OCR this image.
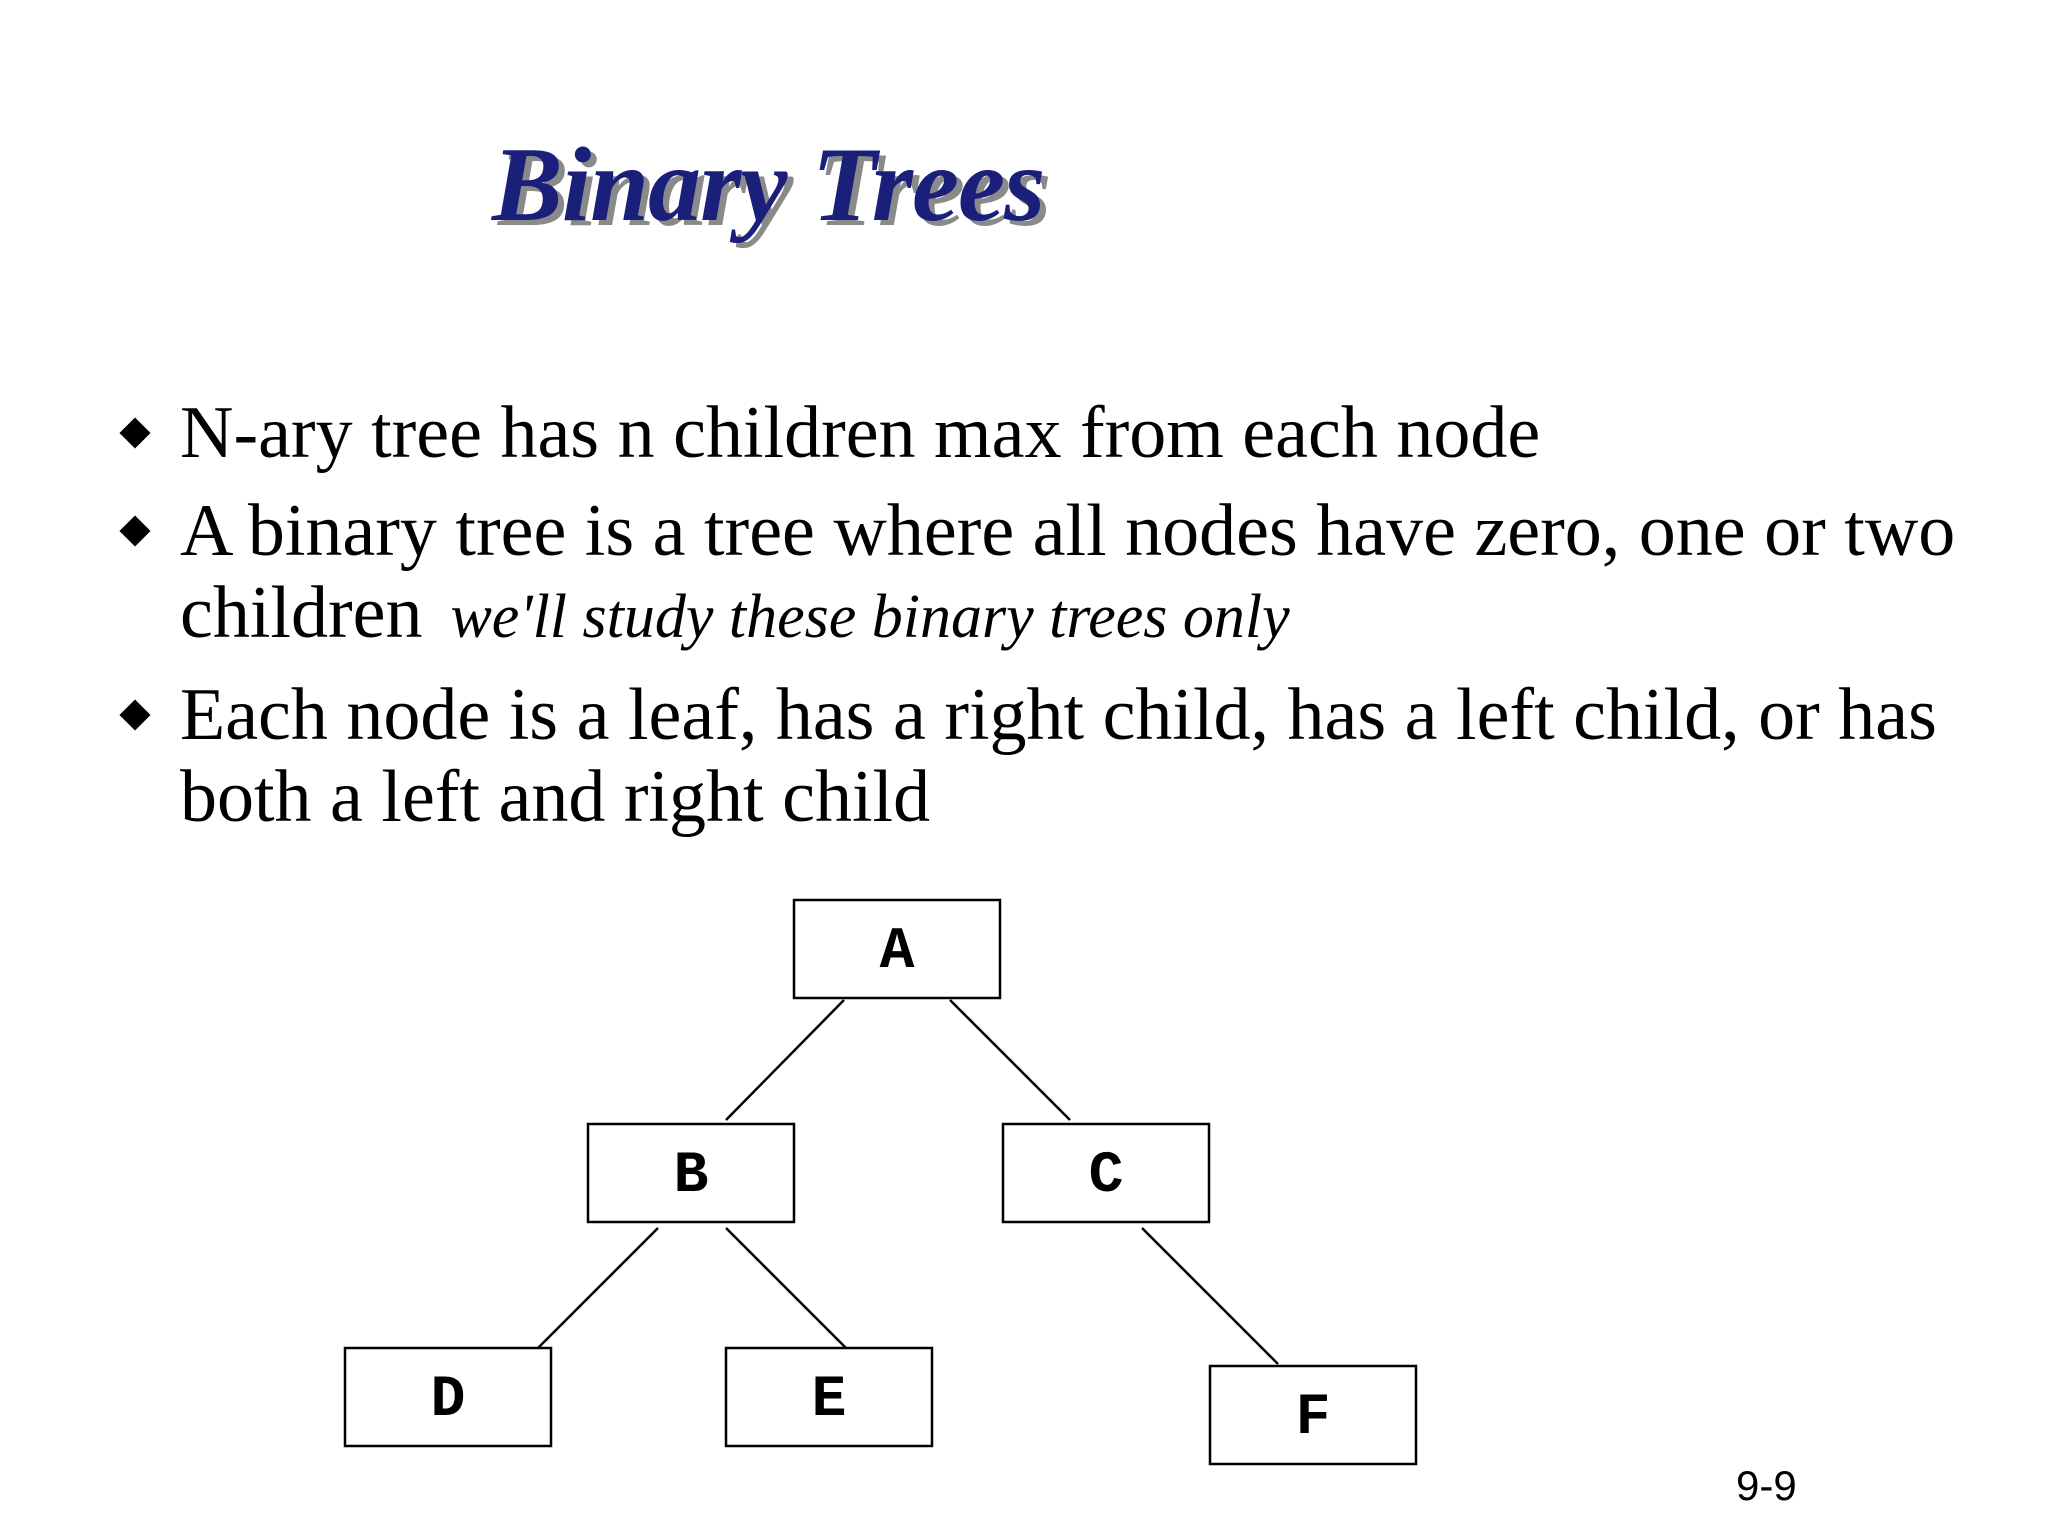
Binary Trees
N-ary tree has n children max from each node
A binary tree is a tree where all nodes have zero, one or two children we'll study these binary trees only
Each node is a leaf, has a right child, has a left child, or has both a left and right child
A
B	C
D	E	F
9-9
